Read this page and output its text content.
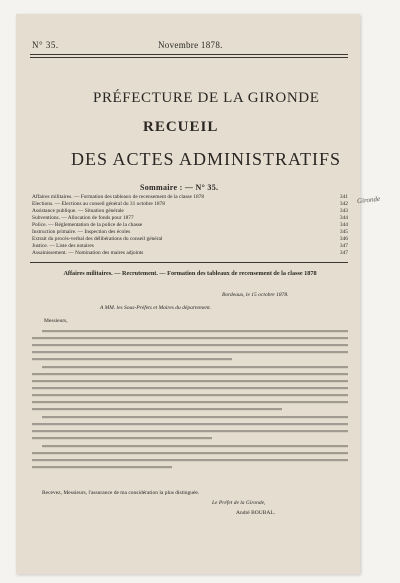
N° 35.	Novembre 1878.
PRÉFECTURE DE LA GIRONDE
RECUEIL
DES ACTES ADMINISTRATIFS
Sommaire : — N° 35.
Affaires militaires. — Formation des tableaux de recensement de la classe 1878	341
Elections. — Élections au conseil général du 31 octobre 1878	342
Assistance publique. — Situation générale	343
Subventions. — Allocation de fonds pour 1877	344
Police. — Réglementation de la police de la chasse	344
Instruction primaire. — Inspection des écoles	345
Extrait du procès-verbal des délibérations du conseil général	346
Justice. — Liste des notaires	347
Assainissement. — Nomination des maires adjoints	347
Gironde
Affaires militaires. — Recrutement. — Formation des tableaux de recensement de la classe 1878
Bordeaux, le 15 octobre 1878.
A MM. les Sous-Préfets et Maires du département.
Messieurs,
Recevez, Messieurs, l'assurance de ma considération la plus distinguée.
Le Préfet de la Gironde,
André BOUBAL.
